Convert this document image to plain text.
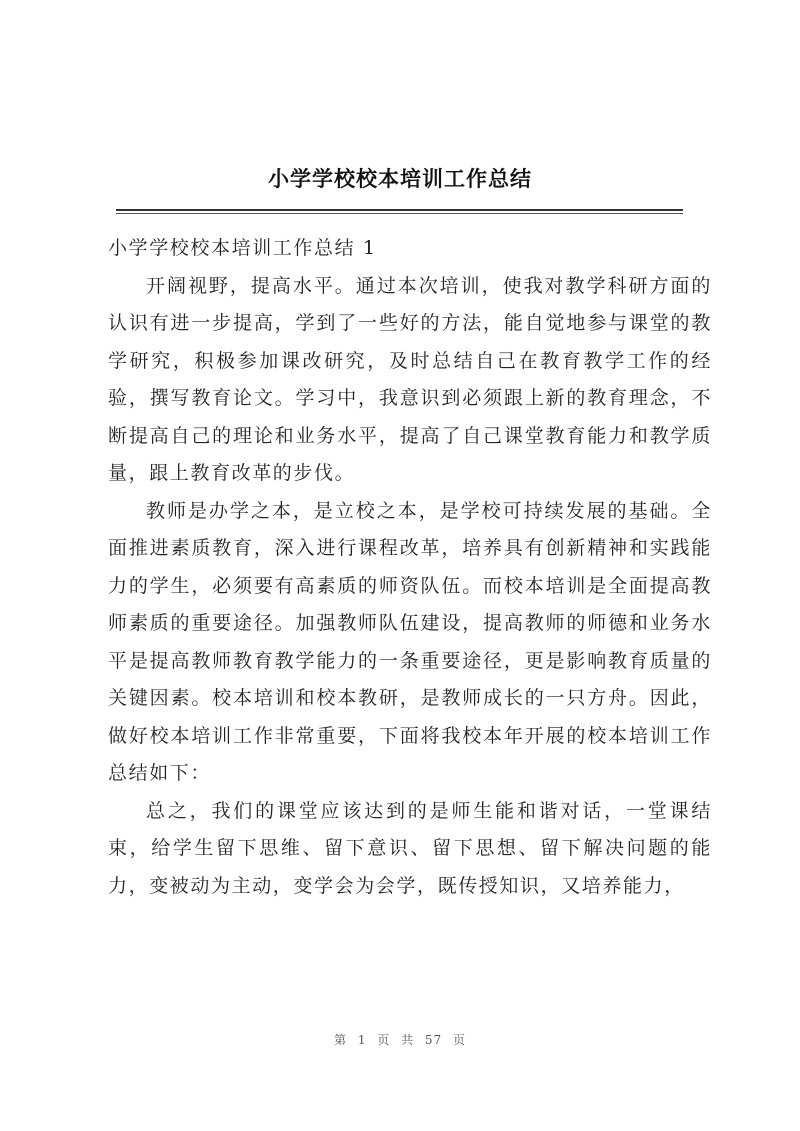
小学学校校本培训工作总结
小学学校校本培训工作总结 1

开阔视野，提高水平。通过本次培训，使我对教学科研方面的认识有进一步提高，学到了一些好的方法，能自觉地参与课堂的教学研究，积极参加课改研究，及时总结自己在教育教学工作的经验，撰写教育论文。学习中，我意识到必须跟上新的教育理念，不断提高自己的理论和业务水平，提高了自己课堂教育能力和教学质量，跟上教育改革的步伐。

教师是办学之本，是立校之本，是学校可持续发展的基础。全面推进素质教育，深入进行课程改革，培养具有创新精神和实践能力的学生，必须要有高素质的师资队伍。而校本培训是全面提高教师素质的重要途径。加强教师队伍建设，提高教师的师德和业务水平是提高教师教育教学能力的一条重要途径，更是影响教育质量的关键因素。校本培训和校本教研，是教师成长的一只方舟。因此，做好校本培训工作非常重要，下面将我校本年开展的校本培训工作总结如下：

总之，我们的课堂应该达到的是师生能和谐对话，一堂课结束，给学生留下思维、留下意识、留下思想、留下解决问题的能力，变被动为主动，变学会为会学，既传授知识，又培养能力，

第 1 页 共 57 页
